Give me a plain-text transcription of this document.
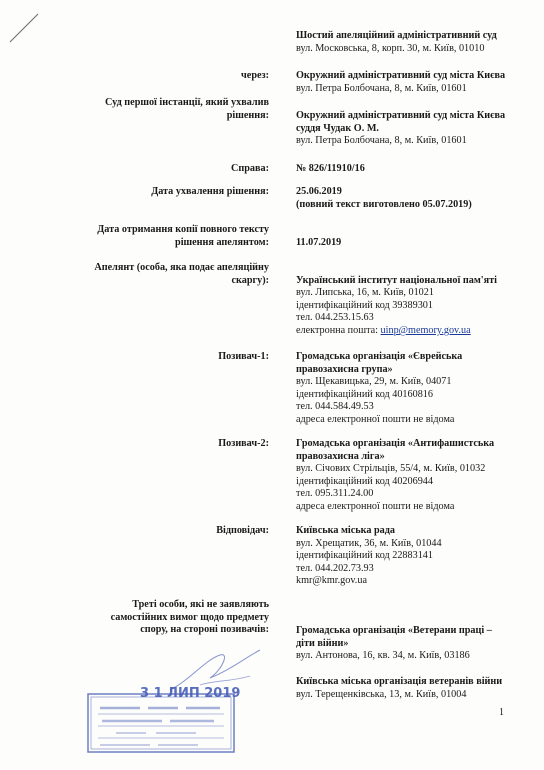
Шостий апеляційний адміністративний суд
вул. Московська, 8, корп. 30, м. Київ, 01010
через:	Окружний адміністративний суд міста Києва
вул. Петра Болбочана, 8, м. Київ, 01601
Суд першої інстанції, який ухвалив
рішення:	Окружний адміністративний суд міста Києва
суддя Чудак О. М.
вул. Петра Болбочана, 8, м. Київ, 01601
Справа:	№ 826/11910/16
Дата ухвалення рішення:	25.06.2019
(повний текст виготовлено 05.07.2019)
Дата отримання копії повного тексту
рішення апелянтом:	11.07.2019
Апелянт (особа, яка подає апеляційну
скаргу):	Український інститут національної пам'яті
вул. Липська, 16, м. Київ, 01021
ідентифікаційний код 39389301
тел. 044.253.15.63
електронна пошта: uinp@memory.gov.ua
Позивач-1:	Громадська організація «Єврейська
правозахисна група»
вул. Щекавицька, 29, м. Київ, 04071
ідентифікаційний код 40160816
тел. 044.584.49.53
адреса електронної пошти не відома
Позивач-2:	Громадська організація «Антифашистська
правозахисна ліга»
вул. Січових Стрільців, 55/4, м. Київ, 01032
ідентифікаційний код 40206944
тел. 095.311.24.00
адреса електронної пошти не відома
Відповідач:	Київська міська рада
вул. Хрещатик, 36, м. Київ, 01044
ідентифікаційний код 22883141
тел. 044.202.73.93
kmr@kmr.gov.ua
Треті особи, які не заявляють
самостійних вимог щодо предмету
спору, на стороні позивачів:	Громадська організація «Ветерани праці –
діти війни»
вул. Антонова, 16, кв. 34, м. Київ, 03186
Київська міська організація ветеранів війни
вул. Терещенківська, 13, м. Київ, 01004
1
3 1 ЛИП 2019
